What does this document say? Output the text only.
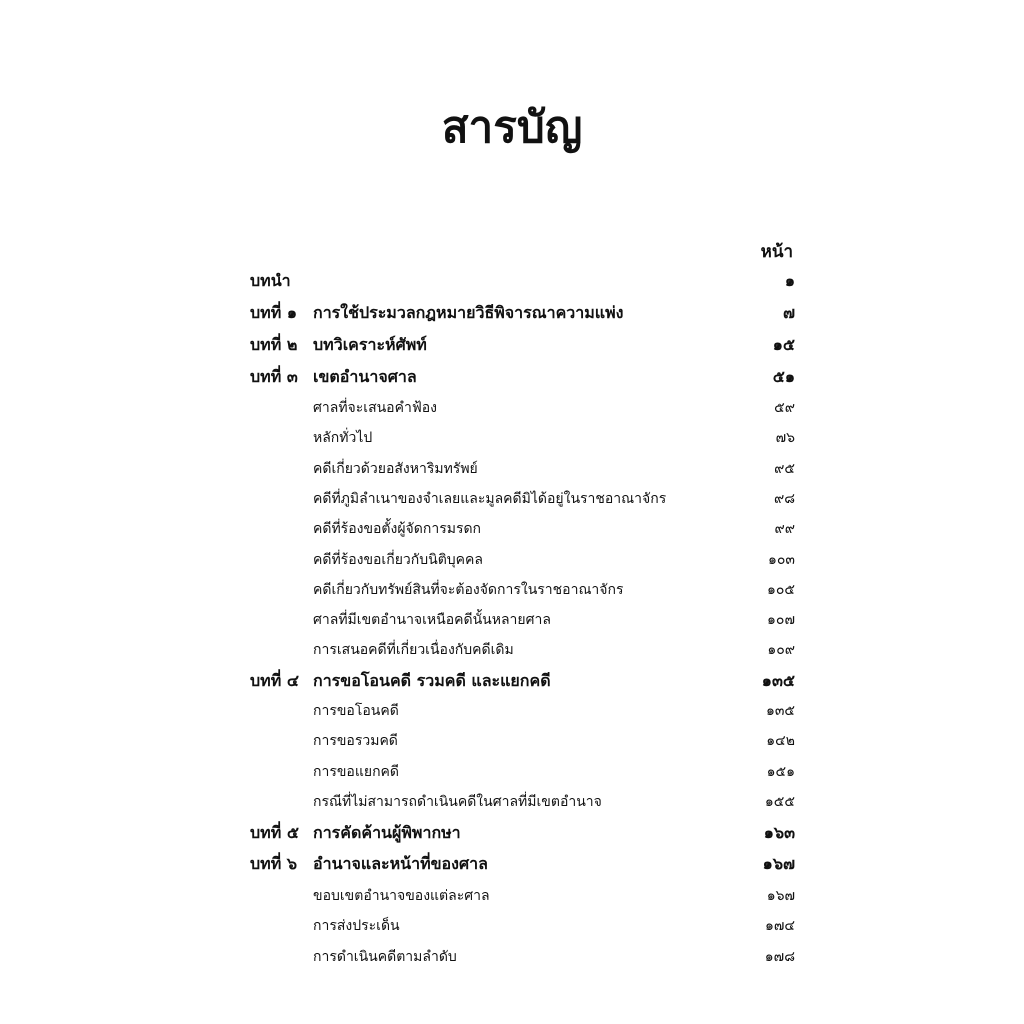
สารบัญ
หน้า
บทนำ	๑
บทที่ ๑ การใช้ประมวลกฎหมายวิธีพิจารณาความแพ่ง	๗
บทที่ ๒ บทวิเคราะห์ศัพท์	๑๕
บทที่ ๓ เขตอำนาจศาล	๕๑
ศาลที่จะเสนอคำฟ้อง	๕๙
หลักทั่วไป	๗๖
คดีเกี่ยวด้วยอสังหาริมทรัพย์	๙๕
คดีที่ภูมิลำเนาของจำเลยและมูลคดีมิได้อยู่ในราชอาณาจักร	๙๘
คดีที่ร้องขอตั้งผู้จัดการมรดก	๙๙
คดีที่ร้องขอเกี่ยวกับนิติบุคคล	๑๐๓
คดีเกี่ยวกับทรัพย์สินที่จะต้องจัดการในราชอาณาจักร	๑๐๕
ศาลที่มีเขตอำนาจเหนือคดีนั้นหลายศาล	๑๐๗
การเสนอคดีที่เกี่ยวเนื่องกับคดีเดิม	๑๐๙
บทที่ ๔ การขอโอนคดี รวมคดี และแยกคดี	๑๓๕
การขอโอนคดี	๑๓๕
การขอรวมคดี	๑๔๒
การขอแยกคดี	๑๕๑
กรณีที่ไม่สามารถดำเนินคดีในศาลที่มีเขตอำนาจ	๑๕๕
บทที่ ๕ การคัดค้านผู้พิพากษา	๑๖๓
บทที่ ๖ อำนาจและหน้าที่ของศาล	๑๖๗
ขอบเขตอำนาจของแต่ละศาล	๑๖๗
การส่งประเด็น	๑๗๔
การดำเนินคดีตามลำดับ	๑๗๘
